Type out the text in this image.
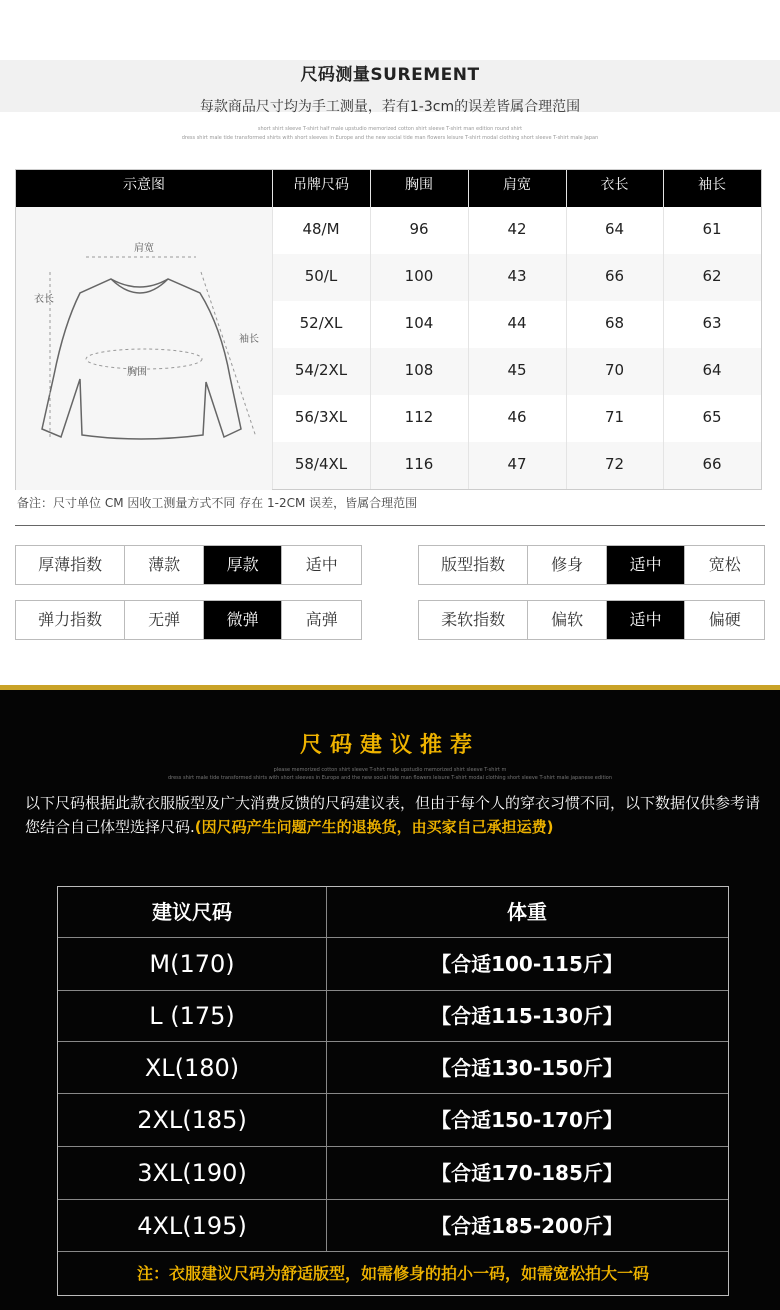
尺码测量SUREMENT
每款商品尺寸均为手工测量，若有1-3cm的误差皆属合理范围
short shirt sleeve T-shirt half male upstudio memorized cotton shirt sleeve T-shirt man edition round shirt
dress shirt male tide transformed shirts with short sleeves in Europe and the new social tide man flowers leisure T-shirt modal clothing short sleeve T-shirt male Japan
示意图	吊牌尺码	胸围	肩宽	衣长	袖长
肩宽
衣长
袖长
胸围
48/M	96	42	64	61
50/L	100	43	66	62
52/XL	104	44	68	63
54/2XL	108	45	70	64
56/3XL	112	46	71	65
58/4XL	116	47	72	66
备注：尺寸单位 CM 因收工测量方式不同 存在 1-2CM 误差，皆属合理范围
厚薄指数	薄款	厚款	适中	版型指数	修身	适中	宽松
弹力指数	无弹	微弹	高弹	柔软指数	偏软	适中	偏硬
尺码建议推荐
please memorized cotton shirt sleeve T-shirt male upstudio memorized shirt sleeve T-shirt m
dress shirt male tide transformed shirts with short sleeves in Europe and the new social tide man flowers leisure T-shirt modal clothing short sleeve T-shirt male japanese edition
以下尺码根据此款衣服版型及广大消费反馈的尺码建议表，但由于每个人的穿衣习惯不同，以下数据仅供参考请您结合自己体型选择尺码.(因尺码产生问题产生的退换货，由买家自己承担运费)
建议尺码	体重
M(170)	【合适100-115斤】
L (175)	【合适115-130斤】
XL(180)	【合适130-150斤】
2XL(185)	【合适150-170斤】
3XL(190)	【合适170-185斤】
4XL(195)	【合适185-200斤】
注：衣服建议尺码为舒适版型，如需修身的拍小一码，如需宽松拍大一码
